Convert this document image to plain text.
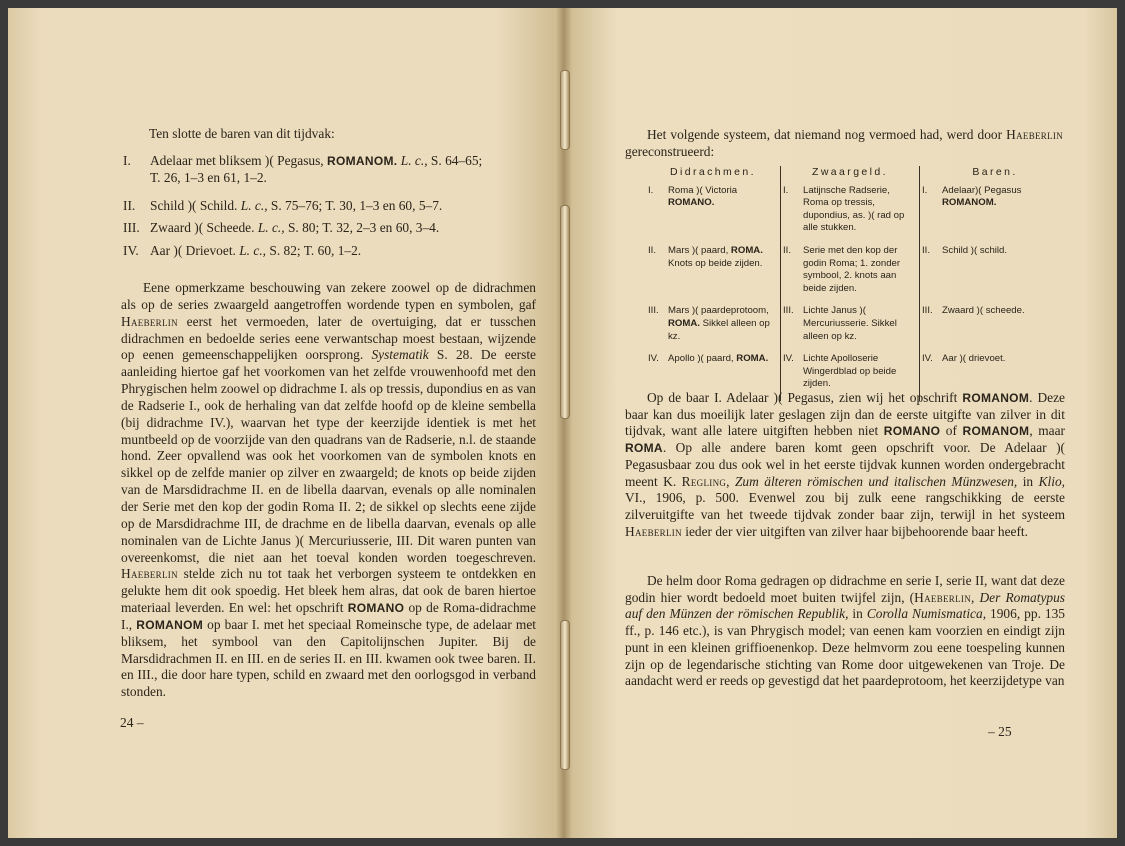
Ten slotte de baren van dit tijdvak:

I. Adelaar met bliksem )( Pegasus, ROMANOM. L. c., S. 64–65;
T. 26, 1–3 en 61, 1–2.
II. Schild )( Schild. L. c., S. 75–76; T. 30, 1–3 en 60, 5–7.
III. Zwaard )( Scheede. L. c., S. 80; T. 32, 2–3 en 60, 3–4.
IV. Aar )( Drievoet. L. c., S. 82; T. 60, 1–2.

Eene opmerkzame beschouwing van zekere zoowel op de didrachmen als op de series zwaargeld aangetroffen wordende typen en symbolen, gaf Haeberlin eerst het vermoeden, later de overtuiging, dat er tusschen didrachmen en bedoelde series eene verwantschap moest bestaan, wijzende op eenen gemeenschappelijken oorsprong. Systematik S. 28. De eerste aanleiding hiertoe gaf het voorkomen van het zelfde vrouwenhoofd met den Phrygischen helm zoowel op didrachme I. als op tressis, dupondius en as van de Radserie I., ook de herhaling van dat zelfde hoofd op de kleine sembella (bij didrachme IV.), waarvan het type der keerzijde identiek is met het muntbeeld op de voorzijde van den quadrans van de Radserie, n.l. de staande hond. Zeer opvallend was ook het voorkomen van de symbolen knots en sikkel op de zelfde manier op zilver en zwaargeld; de knots op beide zijden van de Marsdidrachme II. en de libella daarvan, evenals op alle nominalen der Serie met den kop der godin Roma II. 2; de sikkel op slechts eene zijde op de Marsdidrachme III, de drachme en de libella daarvan, evenals op alle nominalen van de Lichte Janus )( Mercuriusserie, III. Dit waren punten van overeenkomst, die niet aan het toeval konden worden toegeschreven. Haeberlin stelde zich nu tot taak het verborgen systeem te ontdekken en gelukte hem dit ook spoedig. Het bleek hem alras, dat ook de baren hiertoe materiaal leverden. En wel: het opschrift ROMANO op de Roma-didrachme I., ROMANOM op baar I. met het speciaal Romeinsche type, de adelaar met bliksem, het symbool van den Capitolijnschen Jupiter. Bij de Marsdidrachmen II. en III. en de series II. en III. kwamen ook twee baren. II. en III., die door hare typen, schild en zwaard met den oorlogsgod in verband stonden.

24 –

Het volgende systeem, dat niemand nog vermoed had, werd door Haeberlin gereconstrueerd:

Didrachmen.		Zwaargeld.		Baren.	
I.	Roma )( Victoria ROMANO.	I.	Latijnsche Radserie, Roma op tressis, dupondius, as. )( rad op alle stukken.	I.	Adelaar)( Pegasus ROMANOM.
II.	Mars )( paard, ROMA. Knots op beide zijden.	II.	Serie met den kop der godin Roma; 1. zonder symbool, 2. knots aan beide zijden.	II.	Schild )( schild.
III.	Mars )( paardeprotoom, ROMA. Sikkel alleen op kz.	III.	Lichte Janus )( Mercuriusserie. Sikkel alleen op kz.	III.	Zwaard )( scheede.
IV.	Apollo )( paard, ROMA.	IV.	Lichte Apolloserie Wingerdblad op beide zijden.	IV.	Aar )( drievoet.

Op de baar I. Adelaar )( Pegasus, zien wij het opschrift ROMANOM. Deze baar kan dus moeilijk later geslagen zijn dan de eerste uitgifte van zilver in dit tijdvak, want alle latere uitgiften hebben niet ROMANO of ROMANOM, maar ROMA. Op alle andere baren komt geen opschrift voor. De Adelaar )( Pegasusbaar zou dus ook wel in het eerste tijdvak kunnen worden ondergebracht meent K. Regling, Zum älteren römischen und italischen Münzwesen, in Klio, VI., 1906, p. 500. Evenwel zou bij zulk eene rangschikking de eerste zilveruitgifte van het tweede tijdvak zonder baar zijn, terwijl in het systeem Haeberlin ieder der vier uitgiften van zilver haar bijbehoorende baar heeft.

De helm door Roma gedragen op didrachme en serie I, serie II, want dat deze godin hier wordt bedoeld moet buiten twijfel zijn, (Haeberlin, Der Romatypus auf den Münzen der römischen Republik, in Corolla Numismatica, 1906, pp. 135 ff., p. 146 etc.), is van Phrygisch model; van eenen kam voorzien en eindigt zijn punt in een kleinen griffioenenkop. Deze helmvorm zou eene toespeling kunnen zijn op de legendarische stichting van Rome door uitgewekenen van Troje. De aandacht werd er reeds op gevestigd dat het paardeprotoom, het keerzijdetype van

– 25
